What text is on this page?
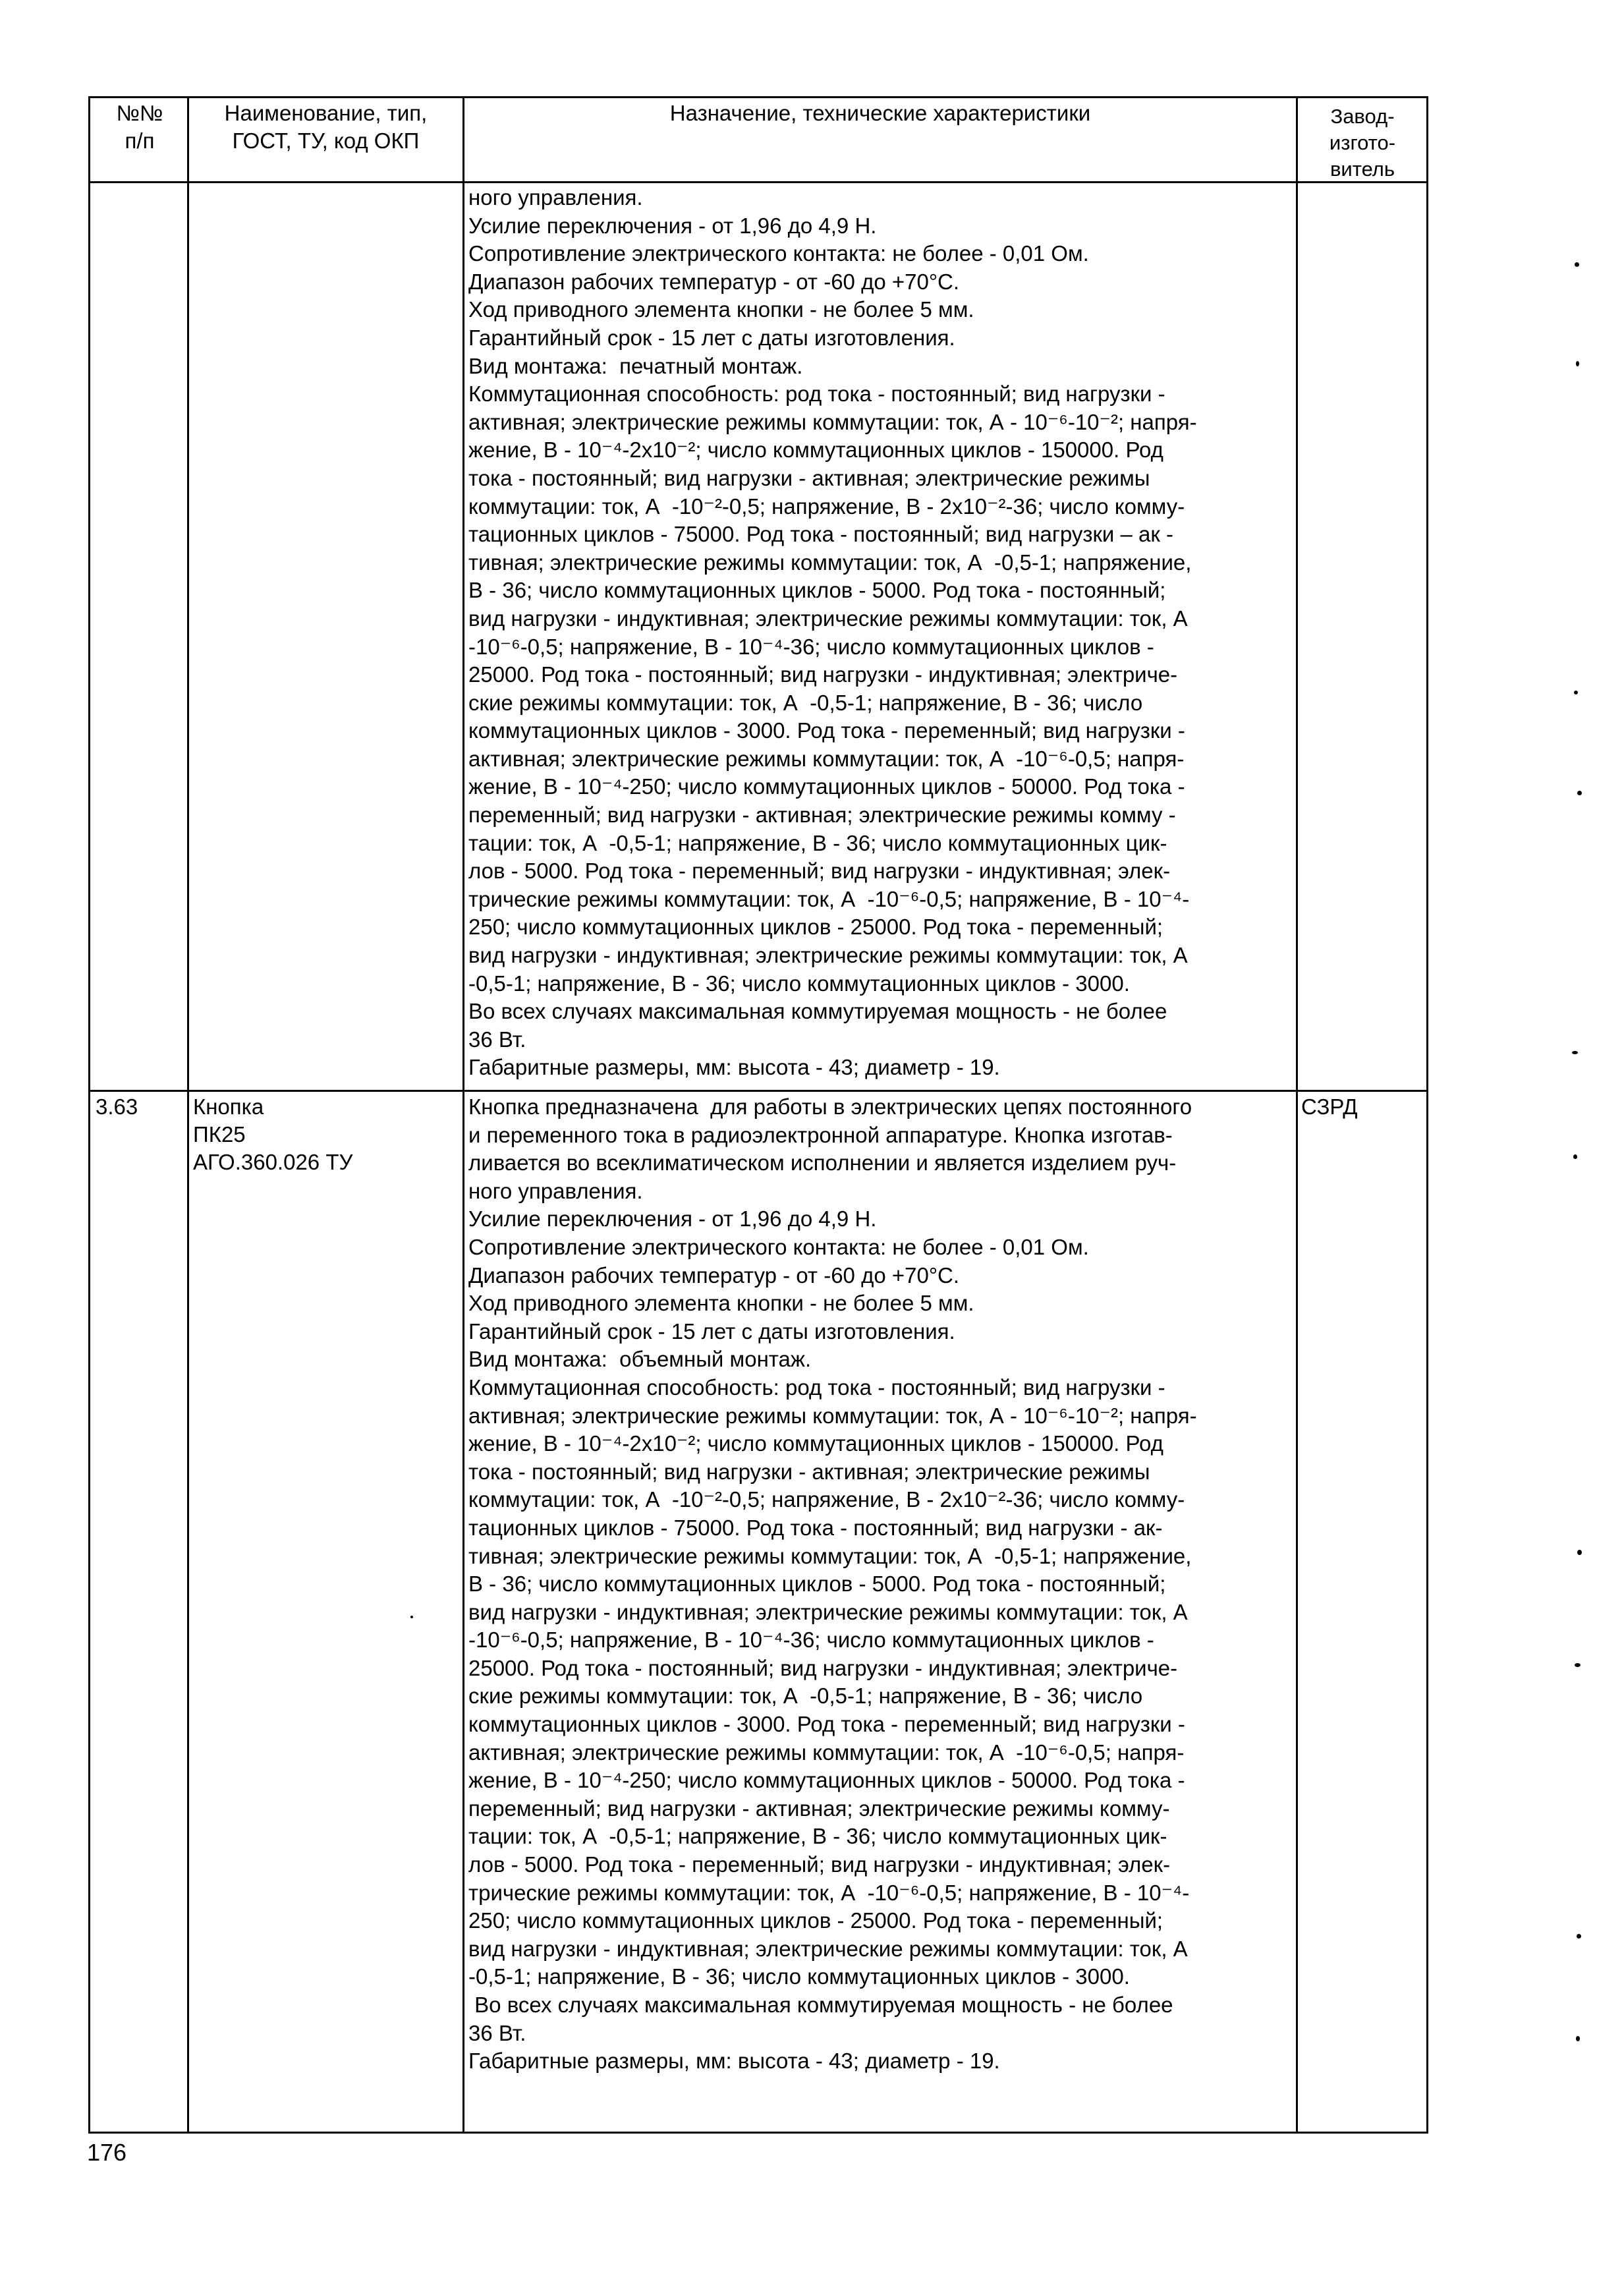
№№
п/п
Наименование, тип,
ГОСТ, ТУ, код ОКП
Назначение, технические характеристики	Завод-
изгото-
витель
ного управления.
Усилие переключения - от 1,96 до 4,9 Н.
Сопротивление электрического контакта: не более - 0,01 Ом.
Диапазон рабочих температур - от -60 до +70°С.
Ход приводного элемента кнопки - не более 5 мм.
Гарантийный срок - 15 лет с даты изготовления.
Вид монтажа:  печатный монтаж.
Коммутационная способность: род тока - постоянный; вид нагрузки -
активная; электрические режимы коммутации: ток, А - 10⁻⁶-10⁻²; напря-
жение, В - 10⁻⁴-2х10⁻²; число коммутационных циклов - 150000. Род
тока - постоянный; вид нагрузки - активная; электрические режимы
коммутации: ток, А  -10⁻²-0,5; напряжение, В - 2х10⁻²-36; число комму-
тационных циклов - 75000. Род тока - постоянный; вид нагрузки – ак -
тивная; электрические режимы коммутации: ток, А  -0,5-1; напряжение,
В - 36; число коммутационных циклов - 5000. Род тока - постоянный;
вид нагрузки - индуктивная; электрические режимы коммутации: ток, А
-10⁻⁶-0,5; напряжение, В - 10⁻⁴-36; число коммутационных циклов -
25000. Род тока - постоянный; вид нагрузки - индуктивная; электриче-
ские режимы коммутации: ток, А  -0,5-1; напряжение, В - 36; число
коммутационных циклов - 3000. Род тока - переменный; вид нагрузки -
активная; электрические режимы коммутации: ток, А  -10⁻⁶-0,5; напря-
жение, В - 10⁻⁴-250; число коммутационных циклов - 50000. Род тока -
переменный; вид нагрузки - активная; электрические режимы комму -
тации: ток, А  -0,5-1; напряжение, В - 36; число коммутационных цик-
лов - 5000. Род тока - переменный; вид нагрузки - индуктивная; элек-
трические режимы коммутации: ток, А  -10⁻⁶-0,5; напряжение, В - 10⁻⁴-
250; число коммутационных циклов - 25000. Род тока - переменный;
вид нагрузки - индуктивная; электрические режимы коммутации: ток, А
-0,5-1; напряжение, В - 36; число коммутационных циклов - 3000.
Во всех случаях максимальная коммутируемая мощность - не более
36 Вт.
Габаритные размеры, мм: высота - 43; диаметр - 19.
3.63	Кнопка
ПК25
АГО.360.026 ТУ
Кнопка предназначена  для работы в электрических цепях постоянного
и переменного тока в радиоэлектронной аппаратуре. Кнопка изготав-
ливается во всеклиматическом исполнении и является изделием руч-
ного управления.
Усилие переключения - от 1,96 до 4,9 Н.
Сопротивление электрического контакта: не более - 0,01 Ом.
Диапазон рабочих температур - от -60 до +70°С.
Ход приводного элемента кнопки - не более 5 мм.
Гарантийный срок - 15 лет с даты изготовления.
Вид монтажа:  объемный монтаж.
Коммутационная способность: род тока - постоянный; вид нагрузки -
активная; электрические режимы коммутации: ток, А - 10⁻⁶-10⁻²; напря-
жение, В - 10⁻⁴-2х10⁻²; число коммутационных циклов - 150000. Род
тока - постоянный; вид нагрузки - активная; электрические режимы
коммутации: ток, А  -10⁻²-0,5; напряжение, В - 2х10⁻²-36; число комму-
тационных циклов - 75000. Род тока - постоянный; вид нагрузки - ак-
тивная; электрические режимы коммутации: ток, А  -0,5-1; напряжение,
В - 36; число коммутационных циклов - 5000. Род тока - постоянный;
вид нагрузки - индуктивная; электрические режимы коммутации: ток, А
-10⁻⁶-0,5; напряжение, В - 10⁻⁴-36; число коммутационных циклов -
25000. Род тока - постоянный; вид нагрузки - индуктивная; электриче-
ские режимы коммутации: ток, А  -0,5-1; напряжение, В - 36; число
коммутационных циклов - 3000. Род тока - переменный; вид нагрузки -
активная; электрические режимы коммутации: ток, А  -10⁻⁶-0,5; напря-
жение, В - 10⁻⁴-250; число коммутационных циклов - 50000. Род тока -
переменный; вид нагрузки - активная; электрические режимы комму-
тации: ток, А  -0,5-1; напряжение, В - 36; число коммутационных цик-
лов - 5000. Род тока - переменный; вид нагрузки - индуктивная; элек-
трические режимы коммутации: ток, А  -10⁻⁶-0,5; напряжение, В - 10⁻⁴-
250; число коммутационных циклов - 25000. Род тока - переменный;
вид нагрузки - индуктивная; электрические режимы коммутации: ток, А
-0,5-1; напряжение, В - 36; число коммутационных циклов - 3000.
Во всех случаях максимальная коммутируемая мощность - не более
36 Вт.
Габаритные размеры, мм: высота - 43; диаметр - 19.
СЗРД
176
